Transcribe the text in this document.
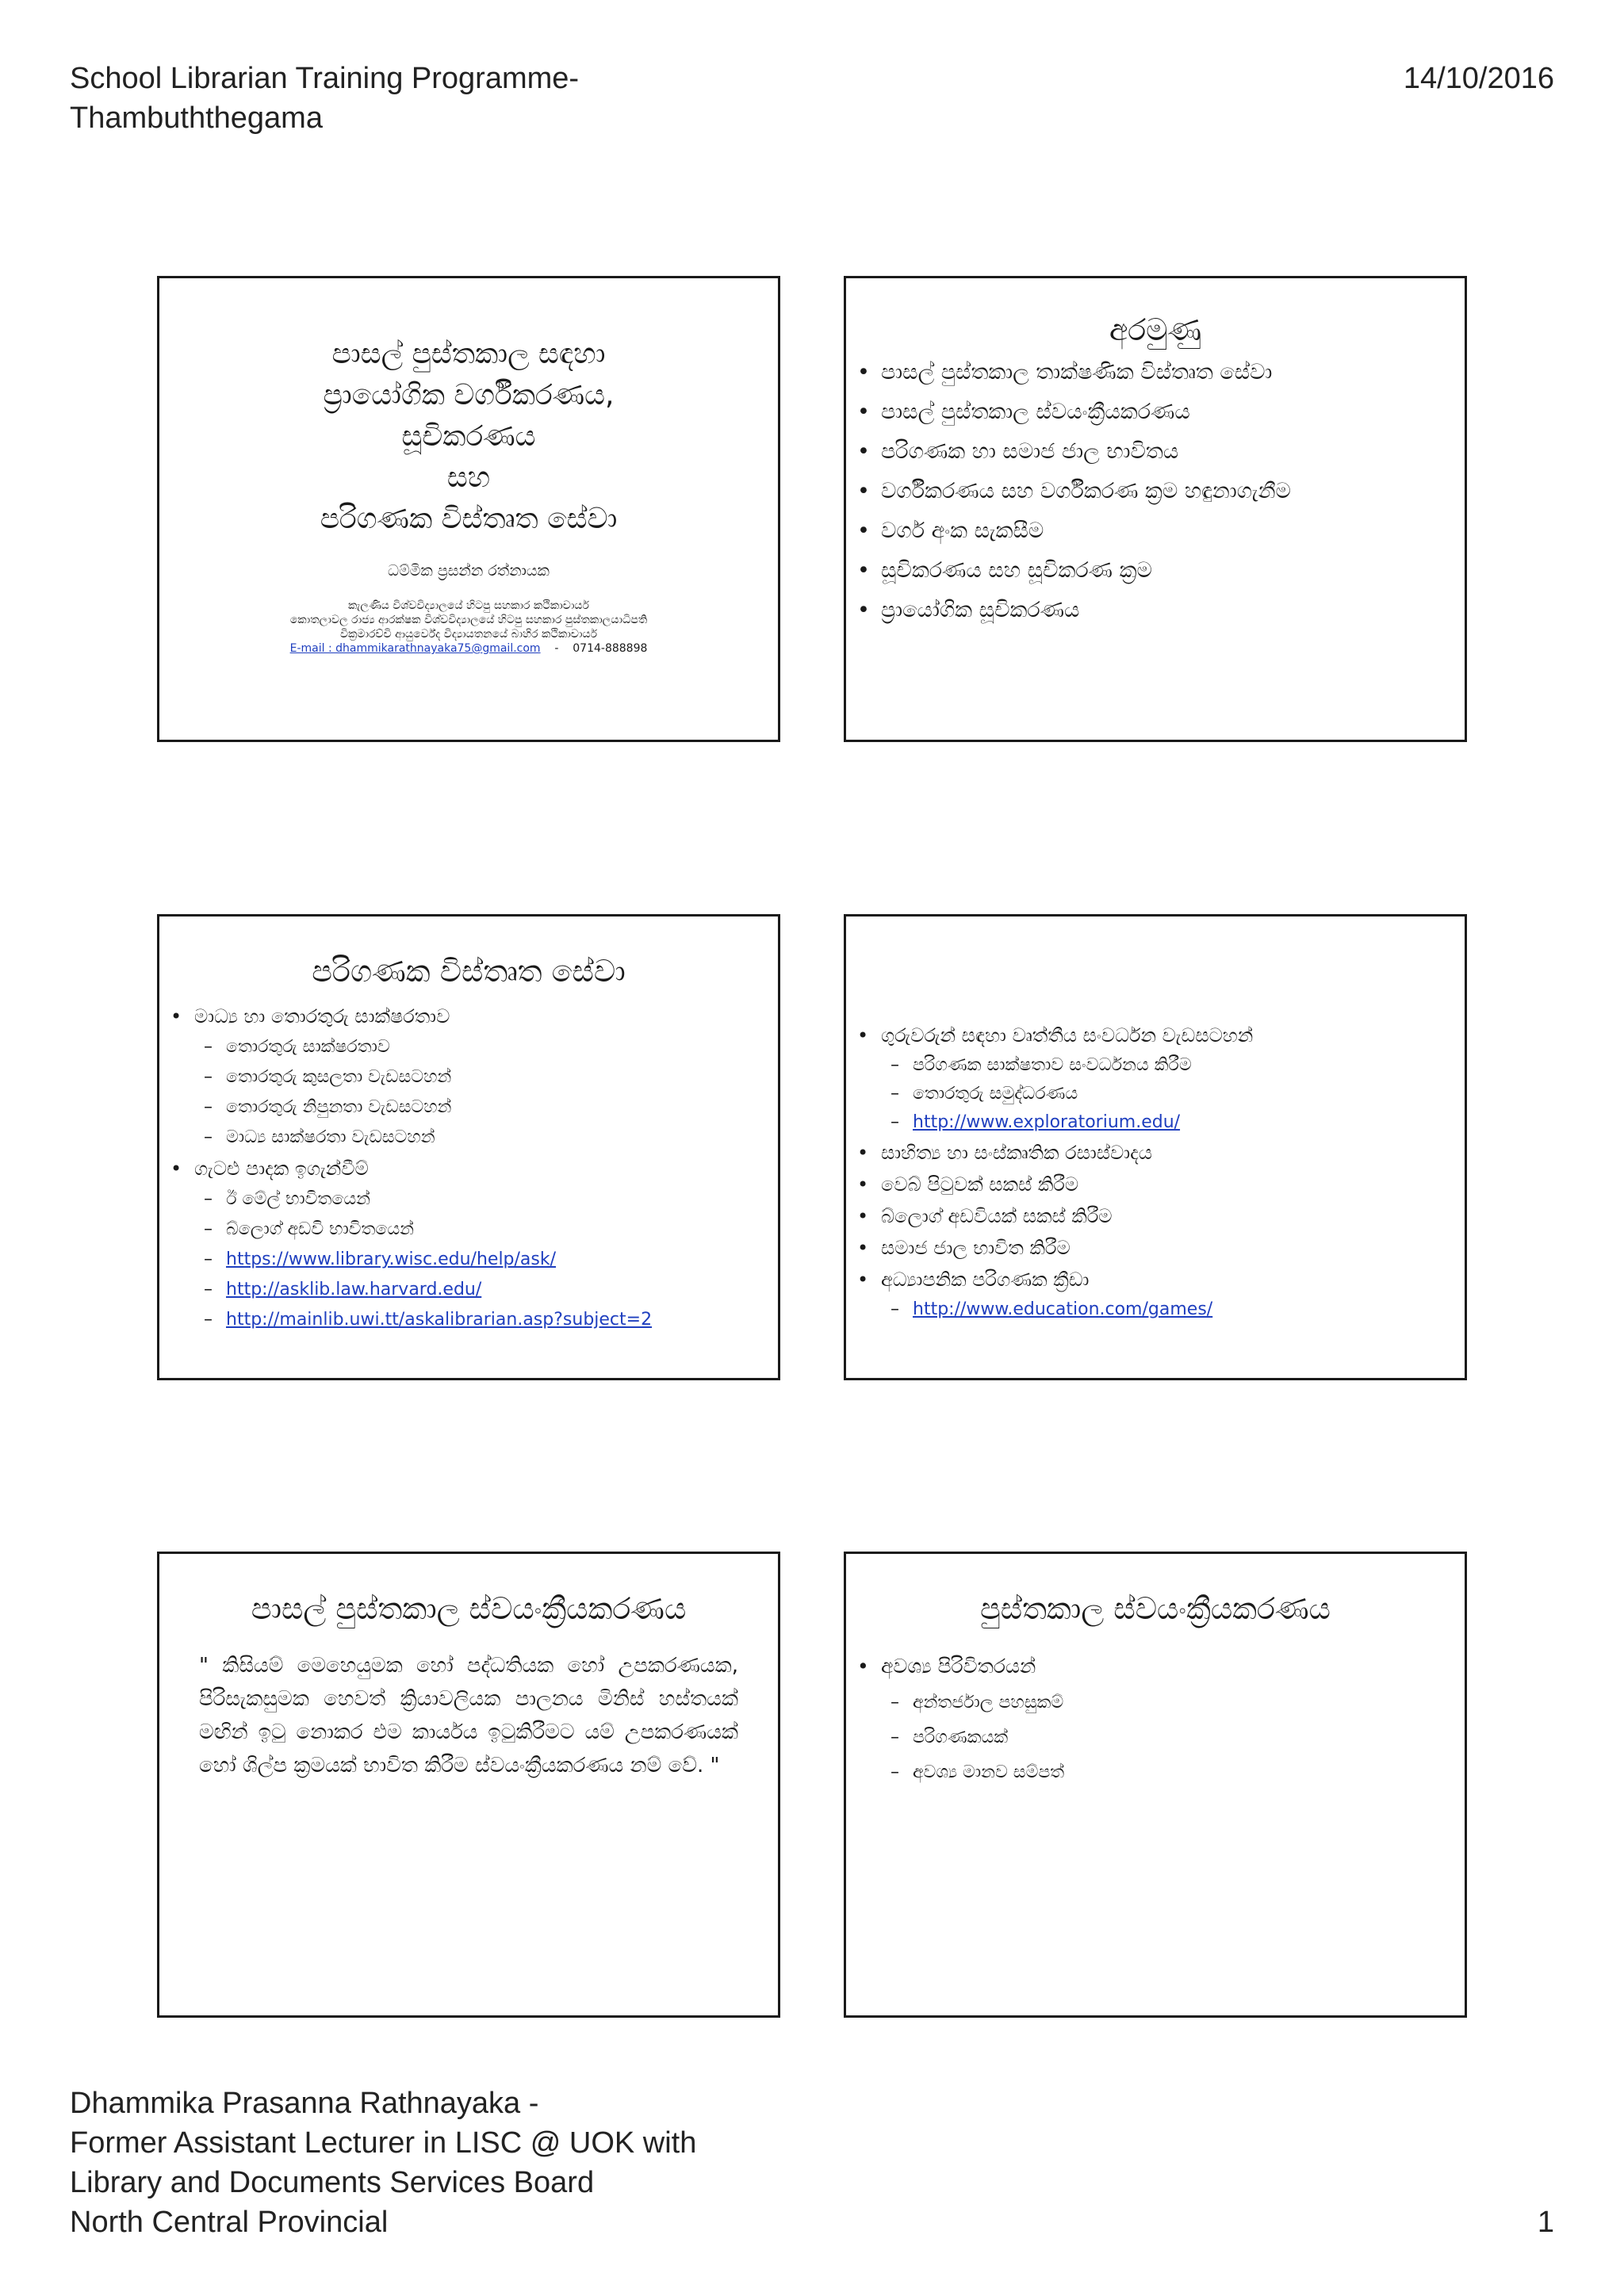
School Librarian Training Programme-
Thambuththegama
14/10/2016
පාසල් පුස්තකාල සඳහා
ප්‍රායෝගික වර්ගීකරණය,
සූචිකරණය
සහ
පරිගණක විස්තෘත සේවා
ධම්මික ප්‍රසන්න රත්නායක
කැලණිය විශ්වවිද්‍යාලයේ හිටපු සහකාර කථිකාචාර්ය
කොතලාවල රාජ්‍ය ආරක්ෂක විශ්වවිද්‍යාලයේ හිටපු සහකාර පුස්තකාලයාධිපති
වික්‍රමාරච්චි ආයුර්වේද විද්‍යායතනයේ බාහිර කථිකාචාර්ය
E-mail : dhammikarathnayaka75@gmail.com - 0714-888898
අරමුණු
• පාසල් පුස්තකාල තාක්ෂණික විස්තෘත සේවා
• පාසල් පුස්තකාල ස්වයංක්‍රීයකරණය
• පරිගණක හා සමාජ ජාල භාවිතය
• වර්ගීකරණය සහ වර්ගීකරණ ක්‍රම හඳුනාගැනීම
• වර්ග අංක සැකසීම
• සූචිකරණය සහ සූචිකරණ ක්‍රම
• ප්‍රායෝගික සූචිකරණය
පරිගණක විස්තෘත සේවා
• මාධ්‍ය හා තොරතුරු සාක්ෂරතාව
– තොරතුරු සාක්ෂරතාව
– තොරතුරු කුසලතා වැඩසටහන්
– තොරතුරු නිපුනතා වැඩසටහන්
– මාධ්‍ය සාක්ෂරතා වැඩසටහන්
• ගැටළු පාදක ඉගැන්වීම්
– ඊ මේල් භාවිතයෙන්
– බ්ලොග් අඩවි භාවිතයෙන්
– https://www.library.wisc.edu/help/ask/
– http://asklib.law.harvard.edu/
– http://mainlib.uwi.tt/askalibrarian.asp?subject=2
• ගුරුවරුන් සඳහා වෘත්තීය සංවර්ධන වැඩසටහන්
– පරිගණක සාක්ෂතාව සංවර්ධනය කිරීම
– තොරතුරු සමුද්ධරණය
– http://www.exploratorium.edu/
• සාහිත්‍ය හා සංස්කෘතික රසාස්වාදය
• වෙබ් පිටුවක් සකස් කිරීම
• බ්ලොග් අඩවියක් සකස් කිරීම
• සමාජ ජාල භාවිත කිරීම
• අධ්‍යාපනික පරිගණක ක්‍රීඩා
– http://www.education.com/games/
පාසල් පුස්තකාල ස්වයංක්‍රීයකරණය
" කිසියම් මෙහෙයුමක හෝ පද්ධතියක හෝ උපකරණයක, පිරිසැකසුමක හෙවත් ක්‍රියාවලියක පාලනය මිනිස් හස්තයක් මඟින් ඉටු නොකර එම කාර්යය ඉටුකිරීමට යම් උපකරණයක් හෝ ශිල්ප ක්‍රමයක් භාවිත කිරීම ස්වයංක්‍රීයකරණය නම් වේ. "
පුස්තකාල ස්වයංක්‍රීයකරණය
• අවශ්‍ය පිරිවිතරයන්
– අන්තර්ජාල පහසුකම්
– පරිගණකයක්
– අවශ්‍ය මානව සම්පත්
Dhammika Prasanna Rathnayaka -
Former Assistant Lecturer in LISC @ UOK with
Library and Documents Services Board
North Central Provincial	1
